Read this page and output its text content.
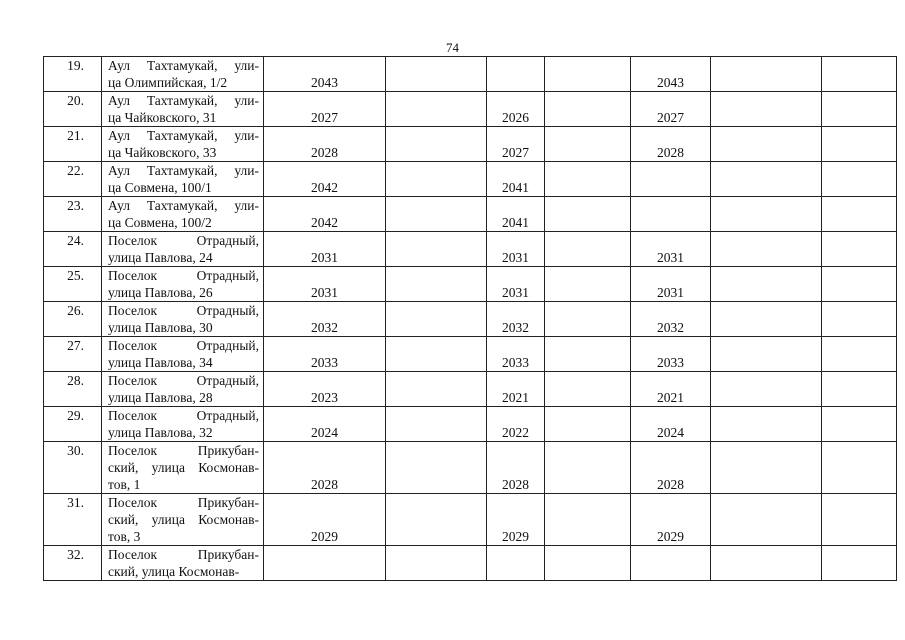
74
19.	Аул Тахтамукай, ули-
ца Олимпийская, 1/2	2043				2043		
20.	Аул Тахтамукай, ули-
ца Чайковского, 31	2027		2026		2027		
21.	Аул Тахтамукай, ули-
ца Чайковского, 33	2028		2027		2028		
22.	Аул Тахтамукай, ули-
ца Совмена, 100/1	2042		2041				
23.	Аул Тахтамукай, ули-
ца Совмена, 100/2	2042		2041				
24.	Поселок Отрадный,
улица Павлова, 24	2031		2031		2031		
25.	Поселок Отрадный,
улица Павлова, 26	2031		2031		2031		
26.	Поселок Отрадный,
улица Павлова, 30	2032		2032		2032		
27.	Поселок Отрадный,
улица Павлова, 34	2033		2033		2033		
28.	Поселок Отрадный,
улица Павлова, 28	2023		2021		2021		
29.	Поселок Отрадный,
улица Павлова, 32	2024		2022		2024		
30.	Поселок Прикубан-
ский, улица Космонав-
тов, 1	2028		2028		2028		
31.	Поселок Прикубан-
ский, улица Космонав-
тов, 3	2029		2029		2029		
32.	Поселок Прикубан-
ский, улица Космонав-							
